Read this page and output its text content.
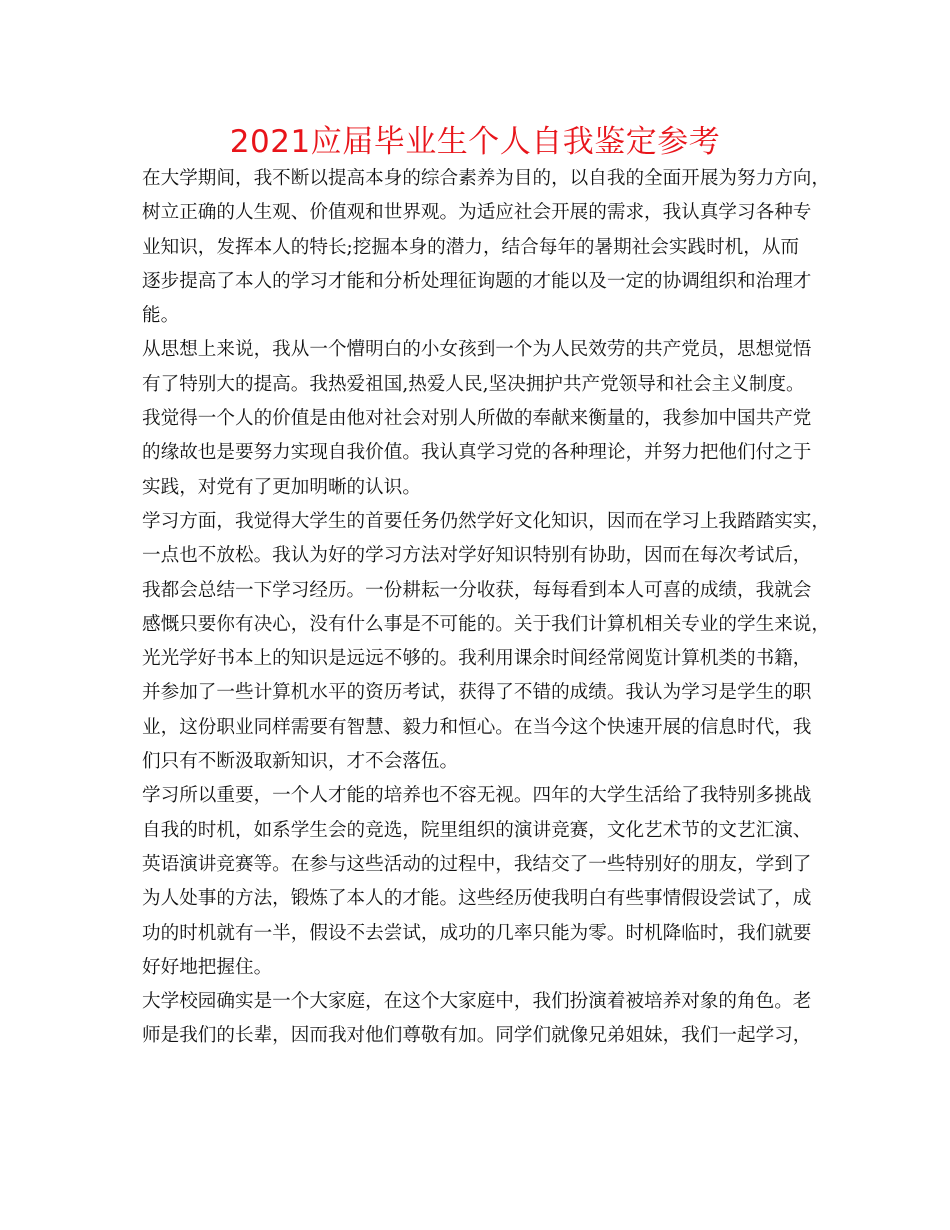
2021应届毕业生个人自我鉴定参考
在大学期间，我不断以提高本身的综合素养为目的，以自我的全面开展为努力方向，
树立正确的人生观、价值观和世界观。为适应社会开展的需求，我认真学习各种专
业知识，发挥本人的特长;挖掘本身的潜力，结合每年的暑期社会实践时机，从而
逐步提高了本人的学习才能和分析处理征询题的才能以及一定的协调组织和治理才
能。
从思想上来说，我从一个懵明白的小女孩到一个为人民效劳的共产党员，思想觉悟
有了特别大的提高。我热爱祖国,热爱人民,坚决拥护共产党领导和社会主义制度。
我觉得一个人的价值是由他对社会对别人所做的奉献来衡量的，我参加中国共产党
的缘故也是要努力实现自我价值。我认真学习党的各种理论，并努力把他们付之于
实践，对党有了更加明晰的认识。
学习方面，我觉得大学生的首要任务仍然学好文化知识，因而在学习上我踏踏实实，
一点也不放松。我认为好的学习方法对学好知识特别有协助，因而在每次考试后，
我都会总结一下学习经历。一份耕耘一分收获，每每看到本人可喜的成绩，我就会
感慨只要你有决心，没有什么事是不可能的。关于我们计算机相关专业的学生来说，
光光学好书本上的知识是远远不够的。我利用课余时间经常阅览计算机类的书籍，
并参加了一些计算机水平的资历考试，获得了不错的成绩。我认为学习是学生的职
业，这份职业同样需要有智慧、毅力和恒心。在当今这个快速开展的信息时代，我
们只有不断汲取新知识，才不会落伍。
学习所以重要，一个人才能的培养也不容无视。四年的大学生活给了我特别多挑战
自我的时机，如系学生会的竞选，院里组织的演讲竞赛，文化艺术节的文艺汇演、
英语演讲竞赛等。在参与这些活动的过程中，我结交了一些特别好的朋友，学到了
为人处事的方法，锻炼了本人的才能。这些经历使我明白有些事情假设尝试了，成
功的时机就有一半，假设不去尝试，成功的几率只能为零。时机降临时，我们就要
好好地把握住。
大学校园确实是一个大家庭，在这个大家庭中，我们扮演着被培养对象的角色。老
师是我们的长辈，因而我对他们尊敬有加。同学们就像兄弟姐妹，我们一起学习，
